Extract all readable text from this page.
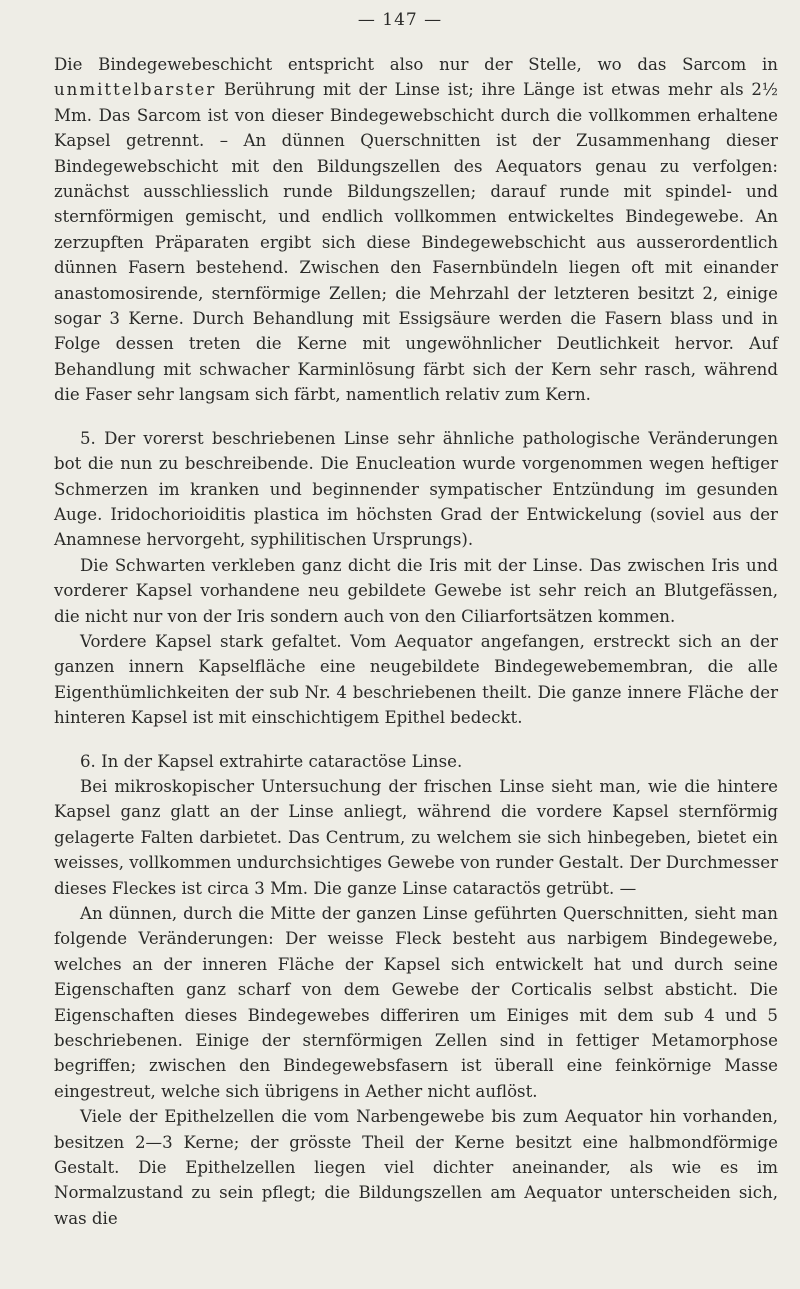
— 147 —

Die Bindegewebeschicht entspricht also nur der Stelle, wo das Sarcom in unmittelbarster Berührung mit der Linse ist; ihre Länge ist etwas mehr als 2½ Mm. Das Sarcom ist von dieser Bindegewebschicht durch die vollkommen erhaltene Kapsel getrennt. – An dünnen Querschnitten ist der Zusammenhang dieser Bindegewebschicht mit den Bildungszellen des Aequators genau zu verfolgen: zunächst ausschliesslich runde Bildungszellen; darauf runde mit spindel- und sternförmigen gemischt, und endlich vollkommen entwickeltes Bindegewebe. An zerzupften Präparaten ergibt sich diese Bindegewebschicht aus ausserordentlich dünnen Fasern bestehend. Zwischen den Fasernbündeln liegen oft mit einander anastomosirende, sternförmige Zellen; die Mehrzahl der letzteren besitzt 2, einige sogar 3 Kerne. Durch Behandlung mit Essigsäure werden die Fasern blass und in Folge dessen treten die Kerne mit ungewöhnlicher Deutlichkeit hervor. Auf Behandlung mit schwacher Karminlösung färbt sich der Kern sehr rasch, während die Faser sehr langsam sich färbt, namentlich relativ zum Kern.

5. Der vorerst beschriebenen Linse sehr ähnliche pathologische Veränderungen bot die nun zu beschreibende. Die Enucleation wurde vorgenommen wegen heftiger Schmerzen im kranken und beginnender sympatischer Entzündung im gesunden Auge. Iridochorioiditis plastica im höchsten Grad der Entwickelung (soviel aus der Anamnese hervorgeht, syphilitischen Ursprungs).

Die Schwarten verkleben ganz dicht die Iris mit der Linse. Das zwischen Iris und vorderer Kapsel vorhandene neu gebildete Gewebe ist sehr reich an Blutgefässen, die nicht nur von der Iris sondern auch von den Ciliarfortsätzen kommen.

Vordere Kapsel stark gefaltet. Vom Aequator angefangen, erstreckt sich an der ganzen innern Kapselfläche eine neugebildete Bindegewebemembran, die alle Eigenthümlichkeiten der sub Nr. 4 beschriebenen theilt. Die ganze innere Fläche der hinteren Kapsel ist mit einschichtigem Epithel bedeckt.

6. In der Kapsel extrahirte cataractöse Linse.

Bei mikroskopischer Untersuchung der frischen Linse sieht man, wie die hintere Kapsel ganz glatt an der Linse anliegt, während die vordere Kapsel sternförmig gelagerte Falten darbietet. Das Centrum, zu welchem sie sich hinbegeben, bietet ein weisses, vollkommen undurchsichtiges Gewebe von runder Gestalt. Der Durchmesser dieses Fleckes ist circa 3 Mm. Die ganze Linse cataractös getrübt. —

An dünnen, durch die Mitte der ganzen Linse geführten Querschnitten, sieht man folgende Veränderungen: Der weisse Fleck besteht aus narbigem Bindegewebe, welches an der inneren Fläche der Kapsel sich entwickelt hat und durch seine Eigenschaften ganz scharf von dem Gewebe der Corticalis selbst absticht. Die Eigenschaften dieses Bindegewebes differiren um Einiges mit dem sub 4 und 5 beschriebenen. Einige der sternförmigen Zellen sind in fettiger Metamorphose begriffen; zwischen den Bindegewebsfasern ist überall eine feinkörnige Masse eingestreut, welche sich übrigens in Aether nicht auflöst.

Viele der Epithelzellen die vom Narbengewebe bis zum Aequator hin vorhanden, besitzen 2—3 Kerne; der grösste Theil der Kerne besitzt eine halbmondförmige Gestalt. Die Epithelzellen liegen viel dichter aneinander, als wie es im Normalzustand zu sein pflegt; die Bildungszellen am Aequator unterscheiden sich, was die
